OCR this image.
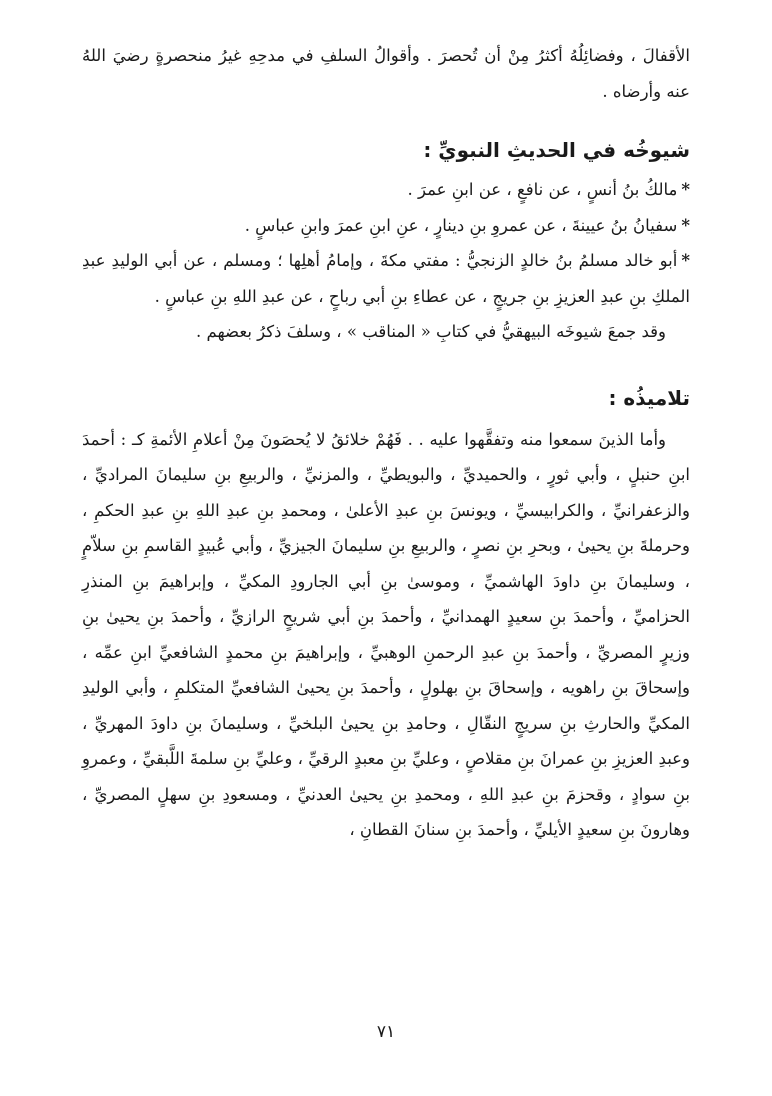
الأقفالَ ، وفضائِلُهُ أكثرُ مِنْ أن تُحصرَ . وأقوالُ السلفِ في مدحِهِ غيرُ منحصرةٍ رضيَ اللهُ عنه وأرضاه .

شيوخُه في الحديثِ النبويِّ :

*مالكُ بنُ أنسٍ ، عن نافعٍ ، عن ابنِ عمرَ .

*سفيانُ بنُ عيينةَ ، عن عمروِ بنِ دينارٍ ، عنِ ابنِ عمرَ وابنِ عباسٍ .

*أبو خالد مسلمُ بنُ خالدٍ الزنجيُّ : مفتي مكةَ ، وإمامُ أهلِها ؛ ومسلم ، عن أبي الوليدِ عبدِ الملكِ بنِ عبدِ العزيزِ بنِ جريجٍ ، عن عطاءِ بنِ أبي رباحٍ ، عن عبدِ اللهِ بنِ عباسٍ .

وقد جمعَ شيوخَه البيهقيُّ في كتابِ « المناقب » ، وسلفَ ذكرُ بعضهم .

تلاميذُه :

وأما الذينَ سمعوا منه وتفقَّهوا عليه . . فَهُمْ خلائقُ لا يُحصَونَ مِنْ أعلامِ الأئمةِ كـ : أحمدَ ابنِ حنبلٍ ، وأبي ثورٍ ، والحميديِّ ، والبويطيِّ ، والمزنيِّ ، والربيعِ بنِ سليمانَ المراديِّ ، والزعفرانيِّ ، والكرابيسيِّ ، ويونسَ بنِ عبدِ الأعلىٰ ، ومحمدِ بنِ عبدِ اللهِ بنِ عبدِ الحكمِ ، وحرملةَ بنِ يحيىٰ ، وبحرِ بنِ نصرٍ ، والربيعِ بنِ سليمانَ الجيزيِّ ، وأبي عُبيدٍ القاسمِ بنِ سلاّمٍ ، وسليمانَ بنِ داودَ الهاشميِّ ، وموسىٰ بنِ أبي الجارودِ المكيِّ ، وإبراهيمَ بنِ المنذرِ الحزاميِّ ، وأحمدَ بنِ سعيدٍ الهمدانيِّ ، وأحمدَ بنِ أبي شريحٍ الرازيِّ ، وأحمدَ بنِ يحيىٰ بنِ وزيرٍ المصريِّ ، وأحمدَ بنِ عبدِ الرحمنِ الوهبيِّ ، وإبراهيمَ بنِ محمدٍ الشافعيِّ ابنِ عمِّه ، وإسحاقَ بنِ راهويه ، وإسحاقَ بنِ بهلولٍ ، وأحمدَ بنِ يحيىٰ الشافعيِّ المتكلمِ ، وأبي الوليدِ المكيِّ والحارثِ بنِ سريجٍ النقّالِ ، وحامدِ بنِ يحيىٰ البلخيِّ ، وسليمانَ بنِ داودَ المهريِّ ، وعبدِ العزيزِ بنِ عمرانَ بنِ مقلاصٍ ، وعليِّ بنِ معبدٍ الرقيِّ ، وعليِّ بنِ سلمةَ اللَّبقيِّ ، وعمروِ بنِ سوادٍ ، وقحزمَ بنِ عبدِ اللهِ ، ومحمدِ بنِ يحيىٰ العدنيِّ ، ومسعودِ بنِ سهلٍ المصريِّ ، وهارونَ بنِ سعيدٍ الأيليِّ ، وأحمدَ بنِ سنانَ القطانِ ،

٧١
